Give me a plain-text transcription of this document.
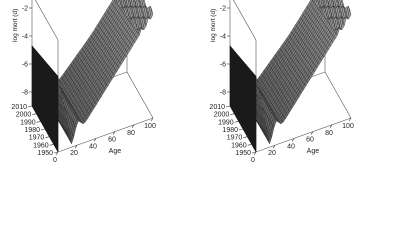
0
20
40
60
80
100
Age
1950
1960
1970
1980
1990
2000
2010
-2
-4
-6
-8
log mort (d)
0
20
40
60
80
100
Age
1950
1960
1970
1980
1990
2000
2010
-2
-4
-6
-8
log mort (d)
